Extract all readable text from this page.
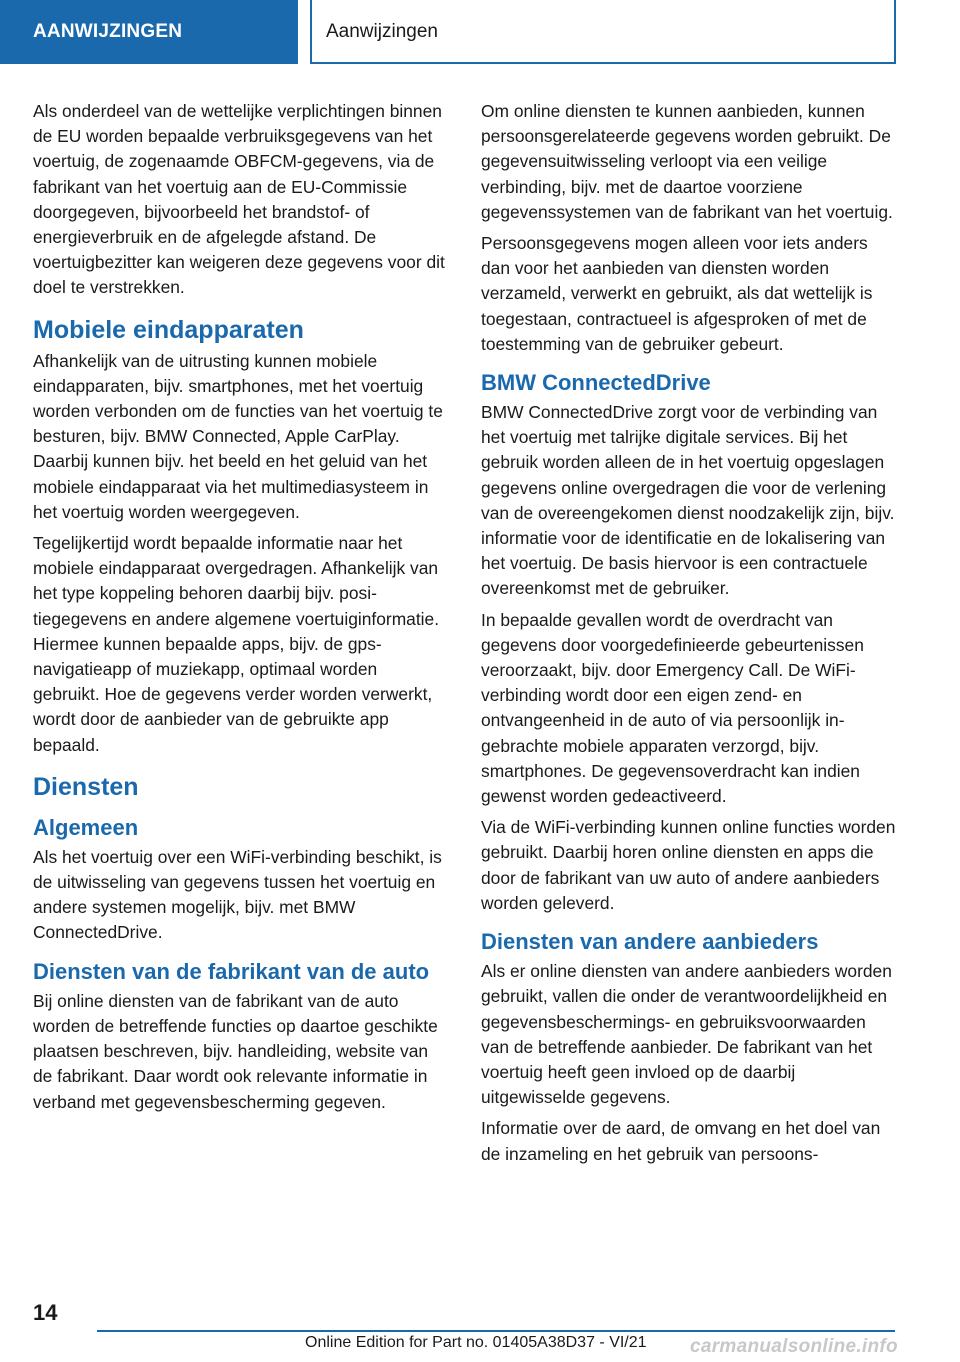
AANWIJZINGEN	Aanwijzingen

Als onderdeel van de wettelijke verplichtingen binnen de EU worden bepaalde verbruiksgegevens van het voertuig, de zogenaamde OBFCM-gegevens, via de fabrikant van het voertuig aan de EU-Commissie doorgegeven, bijvoorbeeld het brandstof- of energieverbruik en de afgelegde afstand. De voertuigbezitter kan weigeren deze gegevens voor dit doel te verstrekken.

Mobiele eindapparaten

Afhankelijk van de uitrusting kunnen mobiele eindapparaten, bijv. smartphones, met het voertuig worden verbonden om de functies van het voertuig te besturen, bijv. BMW Connected, Apple CarPlay. Daarbij kunnen bijv. het beeld en het geluid van het mobiele eindapparaat via het multimediasysteem in het voertuig worden weergegeven.

Tegelijkertijd wordt bepaalde informatie naar het mobiele eindapparaat overgedragen. Afhankelijk van het type koppeling behoren daarbij bijv. positiegegevens en andere algemene voertuiginformatie. Hiermee kunnen bepaalde apps, bijv. de gps-navigatieapp of muziekapp, optimaal worden gebruikt. Hoe de gegevens verder worden verwerkt, wordt door de aanbieder van de gebruikte app bepaald.

Diensten
Algemeen

Als het voertuig over een WiFi-verbinding beschikt, is de uitwisseling van gegevens tussen het voertuig en andere systemen mogelijk, bijv. met BMW ConnectedDrive.

Diensten van de fabrikant van de auto

Bij online diensten van de fabrikant van de auto worden de betreffende functies op daartoe geschikte plaatsen beschreven, bijv. handleiding, website van de fabrikant. Daar wordt ook relevante informatie in verband met gegevensbescherming gegeven.

Om online diensten te kunnen aanbieden, kunnen persoonsgerelateerde gegevens worden gebruikt. De gegevensuitwisseling verloopt via een veilige verbinding, bijv. met de daartoe voorziene gegevenssystemen van de fabrikant van het voertuig.

Persoonsgegevens mogen alleen voor iets anders dan voor het aanbieden van diensten worden verzameld, verwerkt en gebruikt, als dat wettelijk is toegestaan, contractueel is afgesproken of met de toestemming van de gebruiker gebeurt.

BMW ConnectedDrive

BMW ConnectedDrive zorgt voor de verbinding van het voertuig met talrijke digitale services. Bij het gebruik worden alleen de in het voertuig opgeslagen gegevens online overgedragen die voor de verlening van de overeengekomen dienst noodzakelijk zijn, bijv. informatie voor de identificatie en de lokalisering van het voertuig. De basis hiervoor is een contractuele overeenkomst met de gebruiker.

In bepaalde gevallen wordt de overdracht van gegevens door voorgedefinieerde gebeurtenissen veroorzaakt, bijv. door Emergency Call. De WiFi-verbinding wordt door een eigen zend- en ontvangeenheid in de auto of via persoonlijk ingebrachte mobiele apparaten verzorgd, bijv. smartphones. De gegevensoverdracht kan indien gewenst worden gedeactiveerd.

Via de WiFi-verbinding kunnen online functies worden gebruikt. Daarbij horen online diensten en apps die door de fabrikant van uw auto of andere aanbieders worden geleverd.

Diensten van andere aanbieders

Als er online diensten van andere aanbieders worden gebruikt, vallen die onder de verantwoordelijkheid en gegevensbeschermings- en gebruiksvoorwaarden van de betreffende aanbieder. De fabrikant van het voertuig heeft geen invloed op de daarbij uitgewisselde gegevens.

Informatie over de aard, de omvang en het doel van de inzameling en het gebruik van persoons-

14
Online Edition for Part no. 01405A38D37 - VI/21 carmanualsonline.info
